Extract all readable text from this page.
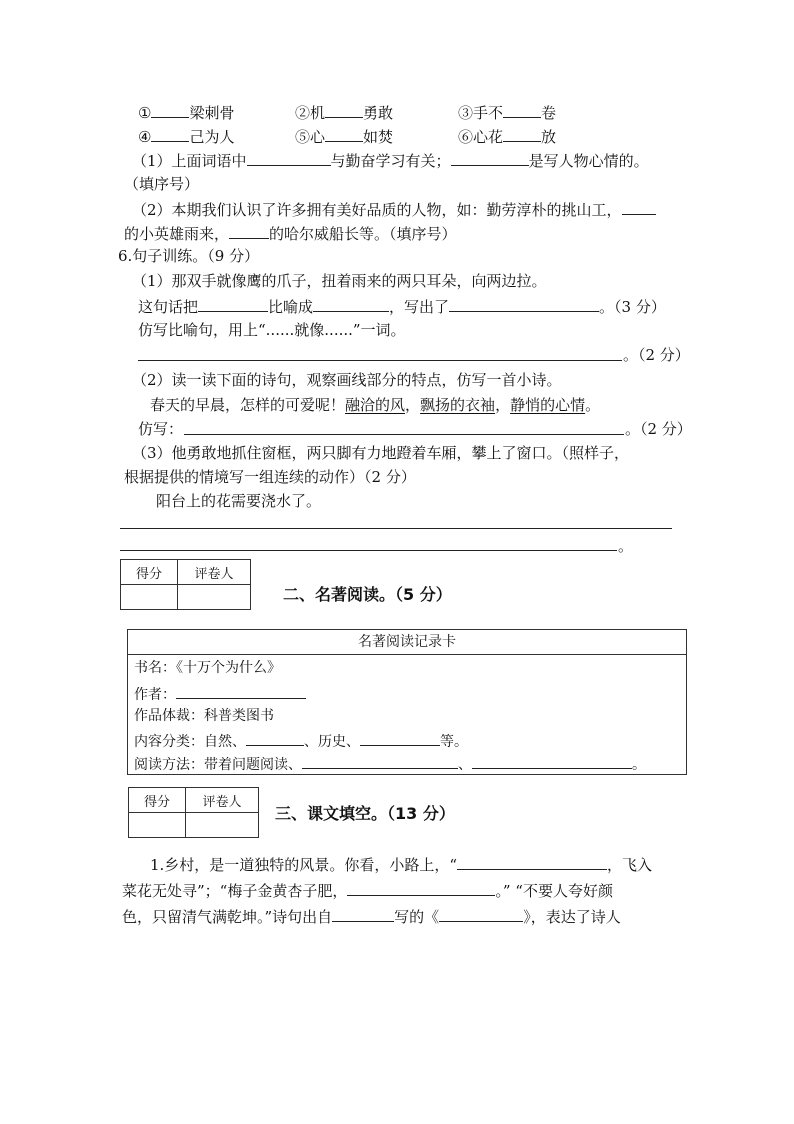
①	梁刺骨	②机	勇敢	③手不	卷
④	己为人	⑤心	如焚	⑥心花	放
（1）上面词语中	与勤奋学习有关；	是写人物心情的。
（填序号）
（2）本期我们认识了许多拥有美好品质的人物，如：勤劳淳朴的挑山工，
的小英雄雨来，	的哈尔威船长等。（填序号）
6.句子训练。（9 分）
（1）那双手就像鹰的爪子，扭着雨来的两只耳朵，向两边拉。
这句话把	比喻成	，写出了	。（3 分）
仿写比喻句，用上“......就像......”一词。
。（2 分）
（2）读一读下面的诗句，观察画线部分的特点，仿写一首小诗。
春天的早晨，怎样的可爱呢！融洽的风，飘扬的衣袖，静悄的心情。
仿写：	。（2 分）
（3）他勇敢地抓住窗框，两只脚有力地蹬着车厢，攀上了窗口。（照样子，
根据提供的情境写一组连续的动作）（2 分）
阳台上的花需要浇水了。
。
得分	评卷人

二、名著阅读。（5 分）
名著阅读记录卡
书名：《十万个为什么》
作者：
作品体裁：科普类图书
内容分类：自然、	、历史、	等。
阅读方法：带着问题阅读、	、	。
得分	评卷人

三、课文填空。（13 分）
1.乡村，是一道独特的风景。你看，小路上，“	，飞入
菜花无处寻”；“梅子金黄杏子肥，	。” “不要人夸好颜
色，只留清气满乾坤。”诗句出自	写的《	》，表达了诗人
